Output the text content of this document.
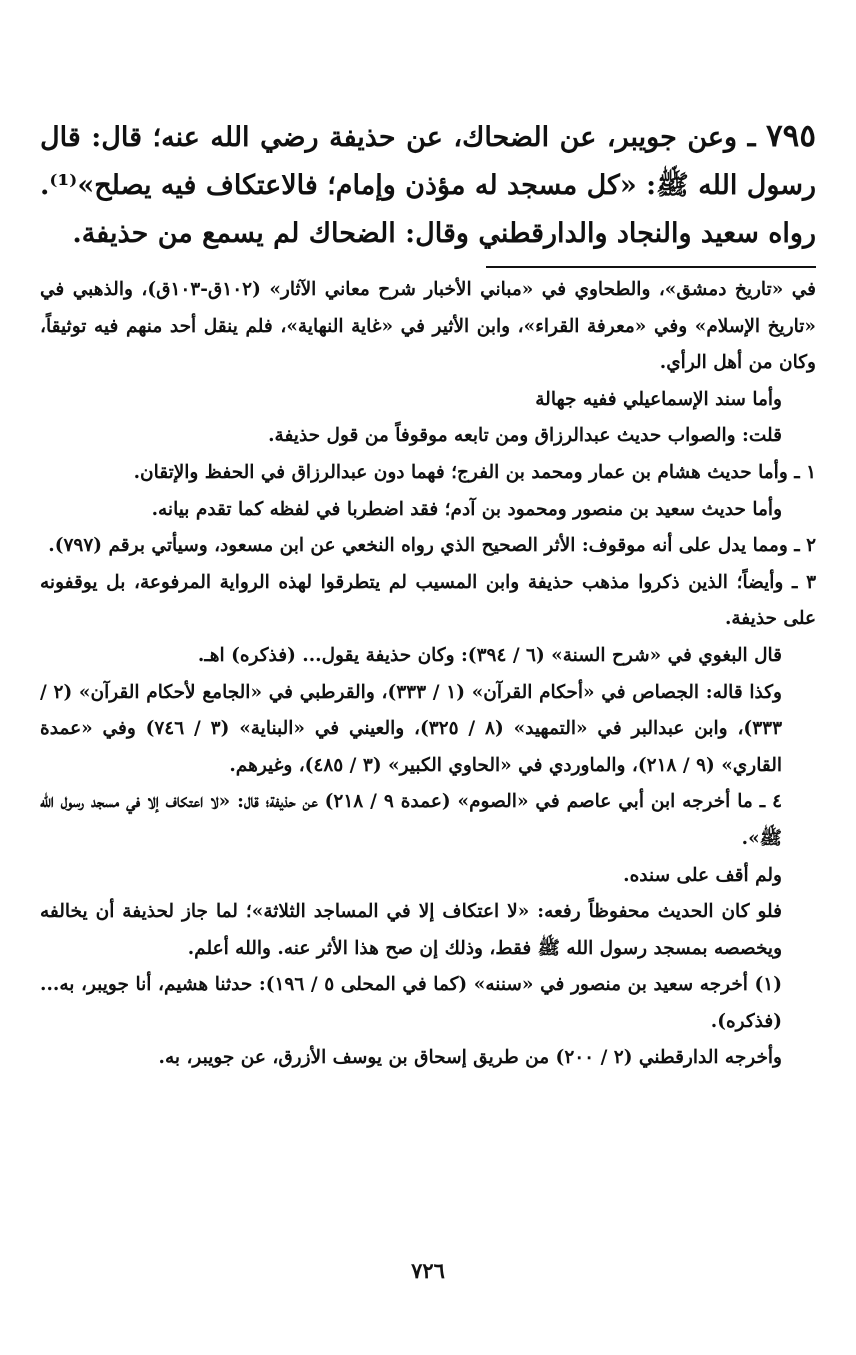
٧٩٥ ـ وعن جويبر، عن الضحاك، عن حذيفة رضي الله عنه؛ قال: قال رسول الله ﷺ: «كل مسجد له مؤذن وإمام؛ فالاعتكاف فيه يصلح»⁽¹⁾. رواه سعيد والنجاد والدارقطني وقال: الضحاك لم يسمع من حذيفة.

في «تاريخ دمشق»، والطحاوي في «مباني الأخبار شرح معاني الآثار» (١٠٢ق-١٠٣ق)، والذهبي في «تاريخ الإسلام» وفي «معرفة القراء»، وابن الأثير في «غاية النهاية»، فلم ينقل أحد منهم فيه توثيقاً، وكان من أهل الرأي.

وأما سند الإسماعيلي ففيه جهالة

قلت: والصواب حديث عبدالرزاق ومن تابعه موقوفاً من قول حذيفة.

١ ـ وأما حديث هشام بن عمار ومحمد بن الفرج؛ فهما دون عبدالرزاق في الحفظ والإتقان.

وأما حديث سعيد بن منصور ومحمود بن آدم؛ فقد اضطربا في لفظه كما تقدم بيانه.

٢ ـ ومما يدل على أنه موقوف: الأثر الصحيح الذي رواه النخعي عن ابن مسعود، وسيأتي برقم (٧٩٧).

٣ ـ وأيضاً؛ الذين ذكروا مذهب حذيفة وابن المسيب لم يتطرقوا لهذه الرواية المرفوعة، بل يوقفونه على حذيفة.

قال البغوي في «شرح السنة» (٦ / ٣٩٤): وكان حذيفة يقول... (فذكره) اهـ.

وكذا قاله: الجصاص في «أحكام القرآن» (١ / ٣٣٣)، والقرطبي في «الجامع لأحكام القرآن» (٢ / ٣٣٣)، وابن عبدالبر في «التمهيد» (٨ / ٣٢٥)، والعيني في «البناية» (٣ / ٧٤٦) وفي «عمدة القاري» (٩ / ٢١٨)، والماوردي في «الحاوي الكبير» (٣ / ٤٨٥)، وغيرهم.

٤ ـ ما أخرجه ابن أبي عاصم في «الصوم» (عمدة ٩ / ٢١٨) عن حذيفة؛ قال: «لا اعتكاف إلا في مسجد رسول الله ﷺ».

ولم أقف على سنده.

فلو كان الحديث محفوظاً رفعه: «لا اعتكاف إلا في المساجد الثلاثة»؛ لما جاز لحذيفة أن يخالفه ويخصصه بمسجد رسول الله ﷺ فقط، وذلك إن صح هذا الأثر عنه. والله أعلم.

(١) أخرجه سعيد بن منصور في «سننه» (كما في المحلى ٥ / ١٩٦): حدثنا هشيم، أنا جويبر، به... (فذكره).

وأخرجه الدارقطني (٢ / ٢٠٠) من طريق إسحاق بن يوسف الأزرق، عن جويبر، به.

٧٢٦
